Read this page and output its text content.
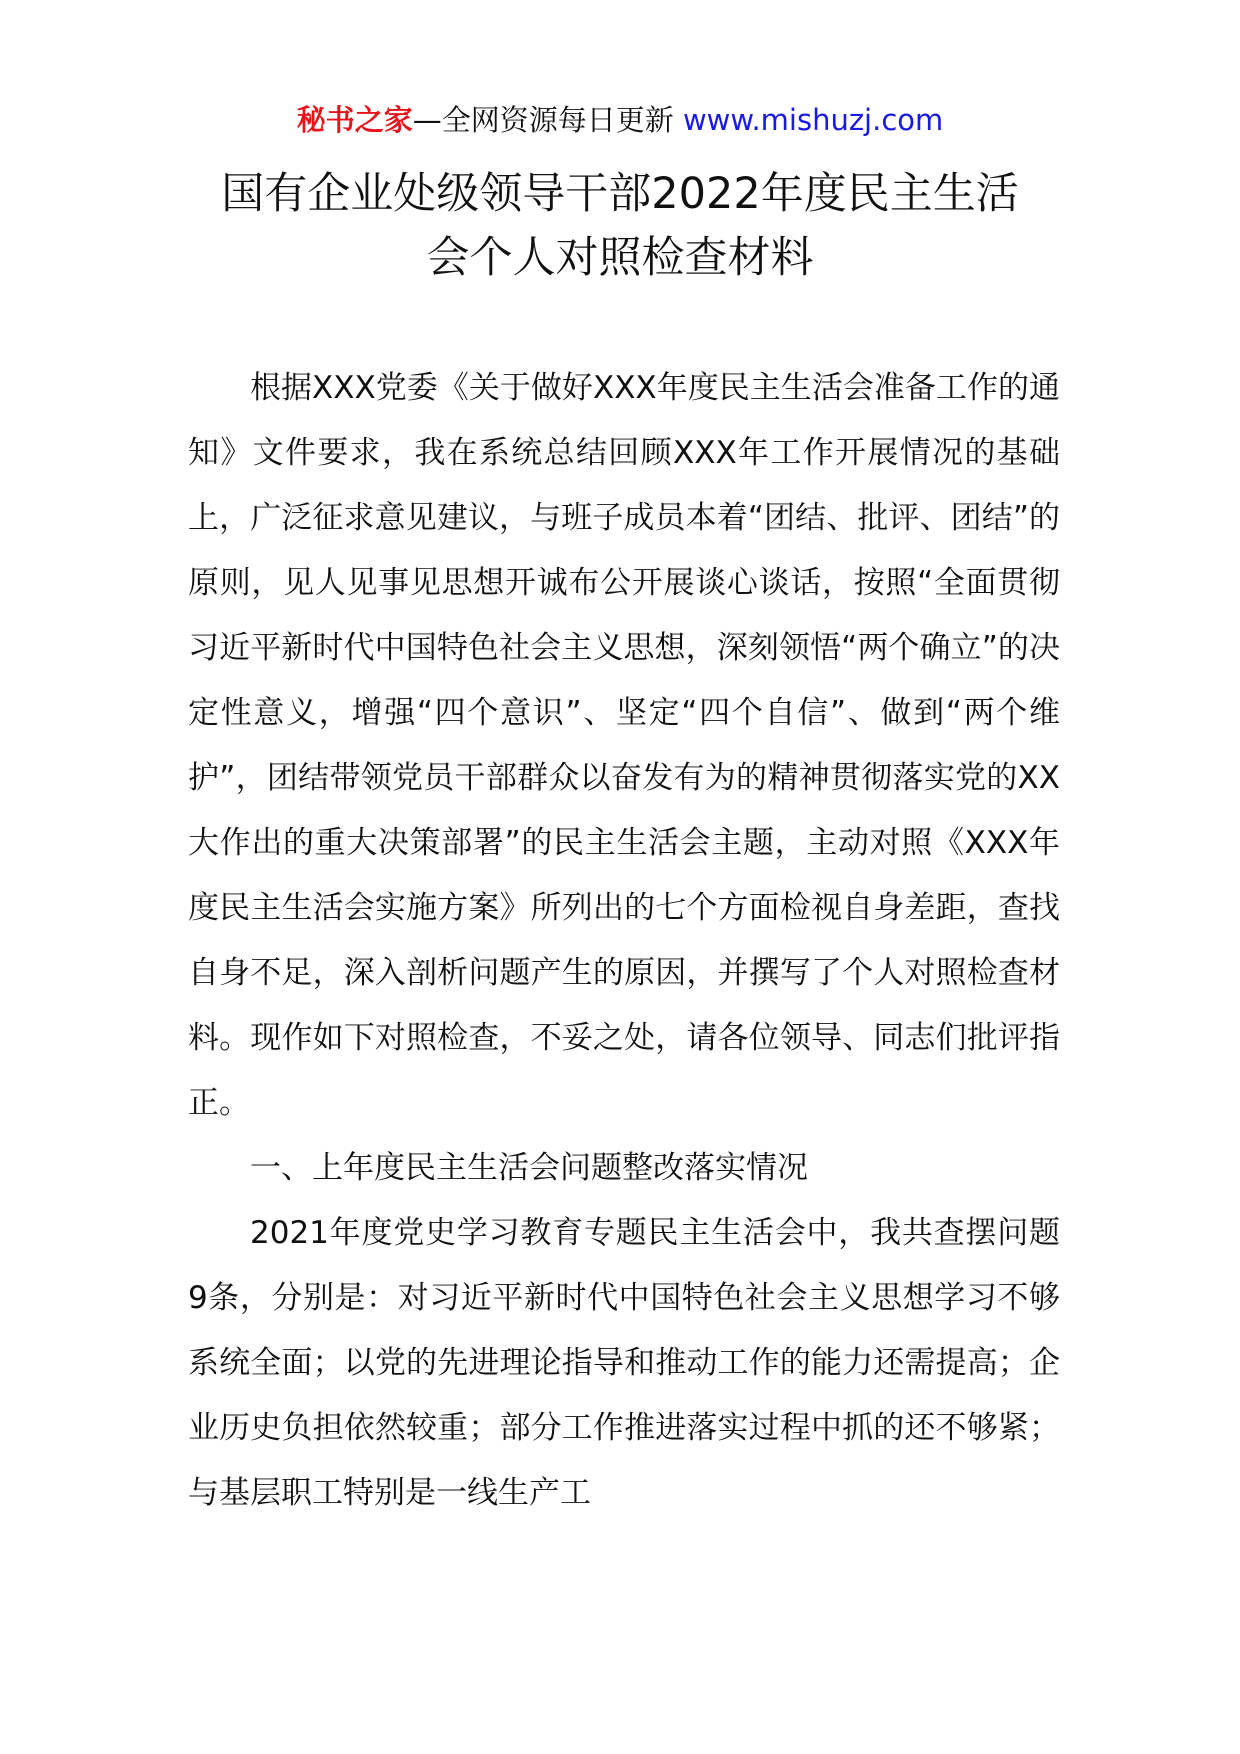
秘书之家—全网资源每日更新 www.mishuzj.com
国有企业处级领导干部2022年度民主生活
会个人对照检查材料

根据XXX党委《关于做好XXX年度民主生活会准备工作的通知》文件要求，我在系统总结回顾XXX年工作开展情况的基础上，广泛征求意见建议，与班子成员本着“团结、批评、团结”的原则，见人见事见思想开诚布公开展谈心谈话，按照“全面贯彻习近平新时代中国特色社会主义思想，深刻领悟“两个确立”的决定性意义，增强“四个意识”、坚定“四个自信”、做到“两个维护”，团结带领党员干部群众以奋发有为的精神贯彻落实党的XX大作出的重大决策部署”的民主生活会主题，主动对照《XXX年度民主生活会实施方案》所列出的七个方面检视自身差距，查找自身不足，深入剖析问题产生的原因，并撰写了个人对照检查材料。现作如下对照检查，不妥之处，请各位领导、同志们批评指正。

一、上年度民主生活会问题整改落实情况

2021年度党史学习教育专题民主生活会中，我共查摆问题9条，分别是：对习近平新时代中国特色社会主义思想学习不够系统全面；以党的先进理论指导和推动工作的能力还需提高；企业历史负担依然较重；部分工作推进落实过程中抓的还不够紧；与基层职工特别是一线生产工
